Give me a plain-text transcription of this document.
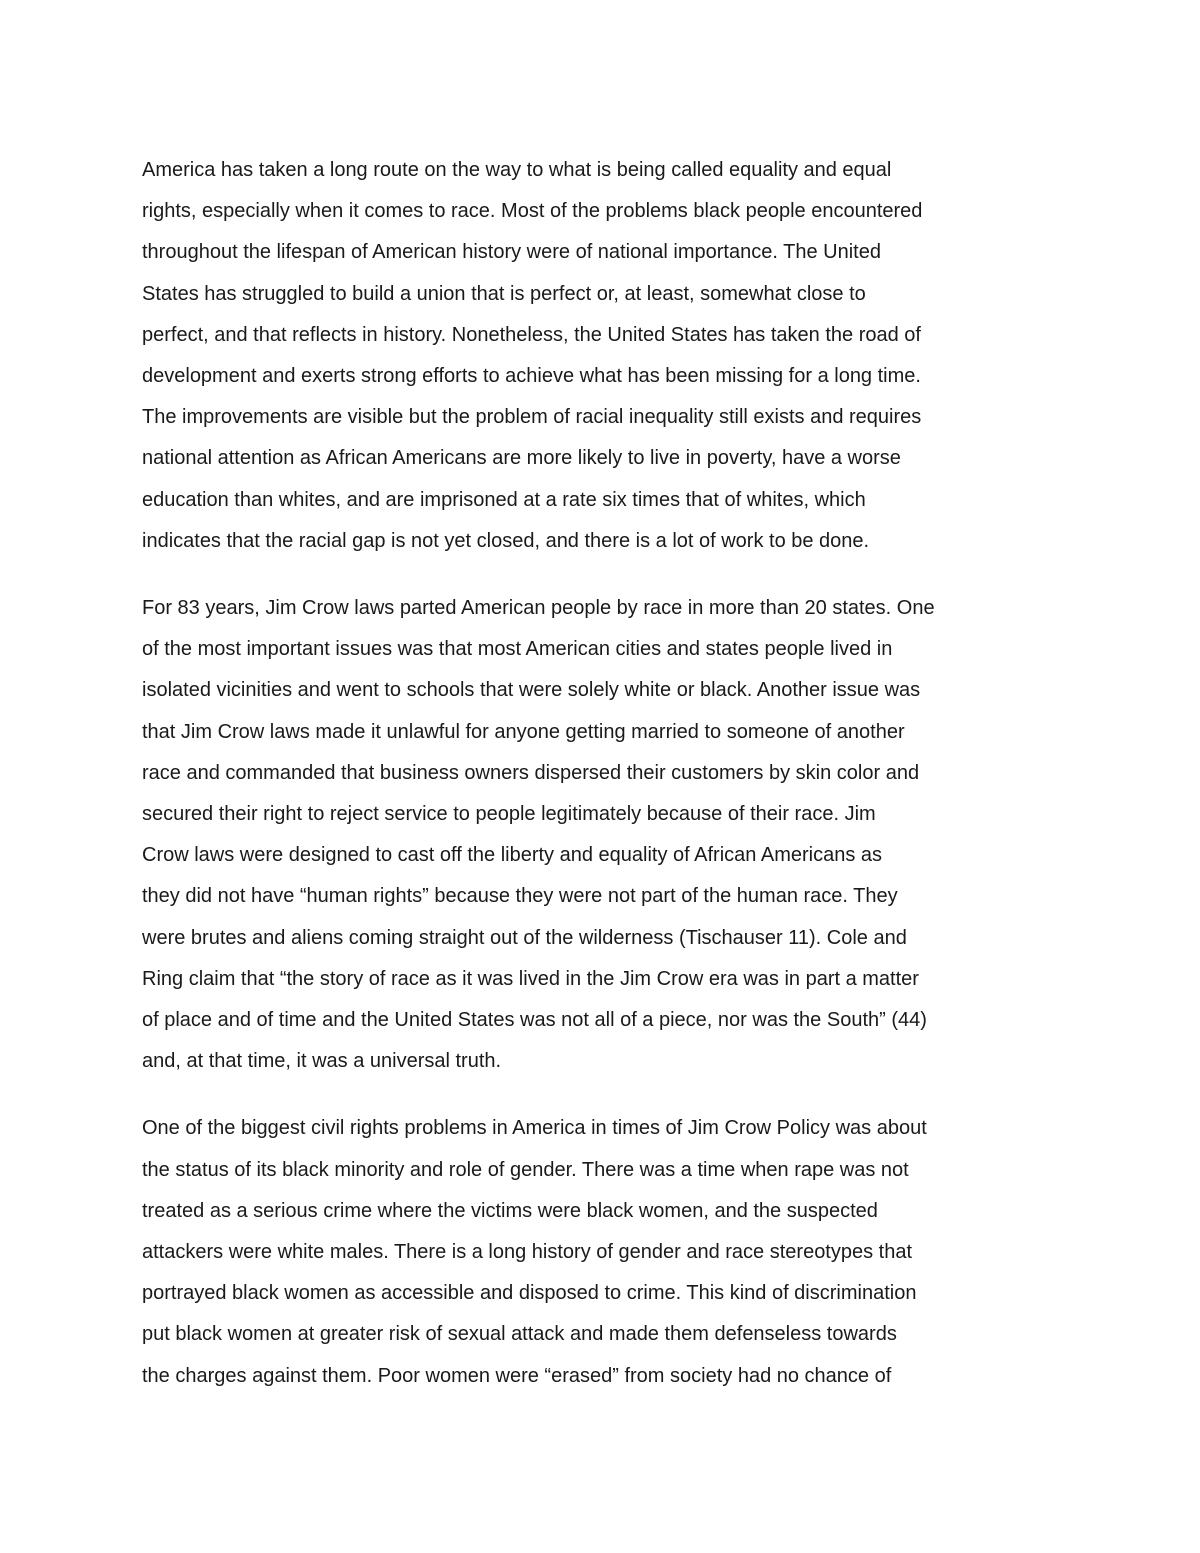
America has taken a long route on the way to what is being called equality and equal
rights, especially when it comes to race. Most of the problems black people encountered
throughout the lifespan of American history were of national importance. The United
States has struggled to build a union that is perfect or, at least, somewhat close to
perfect, and that reflects in history. Nonetheless, the United States has taken the road of
development and exerts strong efforts to achieve what has been missing for a long time.
The improvements are visible but the problem of racial inequality still exists and requires
national attention as African Americans are more likely to live in poverty, have a worse
education than whites, and are imprisoned at a rate six times that of whites, which
indicates that the racial gap is not yet closed, and there is a lot of work to be done.

For 83 years, Jim Crow laws parted American people by race in more than 20 states. One
of the most important issues was that most American cities and states people lived in
isolated vicinities and went to schools that were solely white or black. Another issue was
that Jim Crow laws made it unlawful for anyone getting married to someone of another
race and commanded that business owners dispersed their customers by skin color and
secured their right to reject service to people legitimately because of their race. Jim
Crow laws were designed to cast off the liberty and equality of African Americans as
they did not have “human rights” because they were not part of the human race. They
were brutes and aliens coming straight out of the wilderness (Tischauser 11). Cole and
Ring claim that “the story of race as it was lived in the Jim Crow era was in part a matter
of place and of time and the United States was not all of a piece, nor was the South” (44)
and, at that time, it was a universal truth.

One of the biggest civil rights problems in America in times of Jim Crow Policy was about
the status of its black minority and role of gender. There was a time when rape was not
treated as a serious crime where the victims were black women, and the suspected
attackers were white males. There is a long history of gender and race stereotypes that
portrayed black women as accessible and disposed to crime. This kind of discrimination
put black women at greater risk of sexual attack and made them defenseless towards
the charges against them. Poor women were “erased” from society had no chance of
